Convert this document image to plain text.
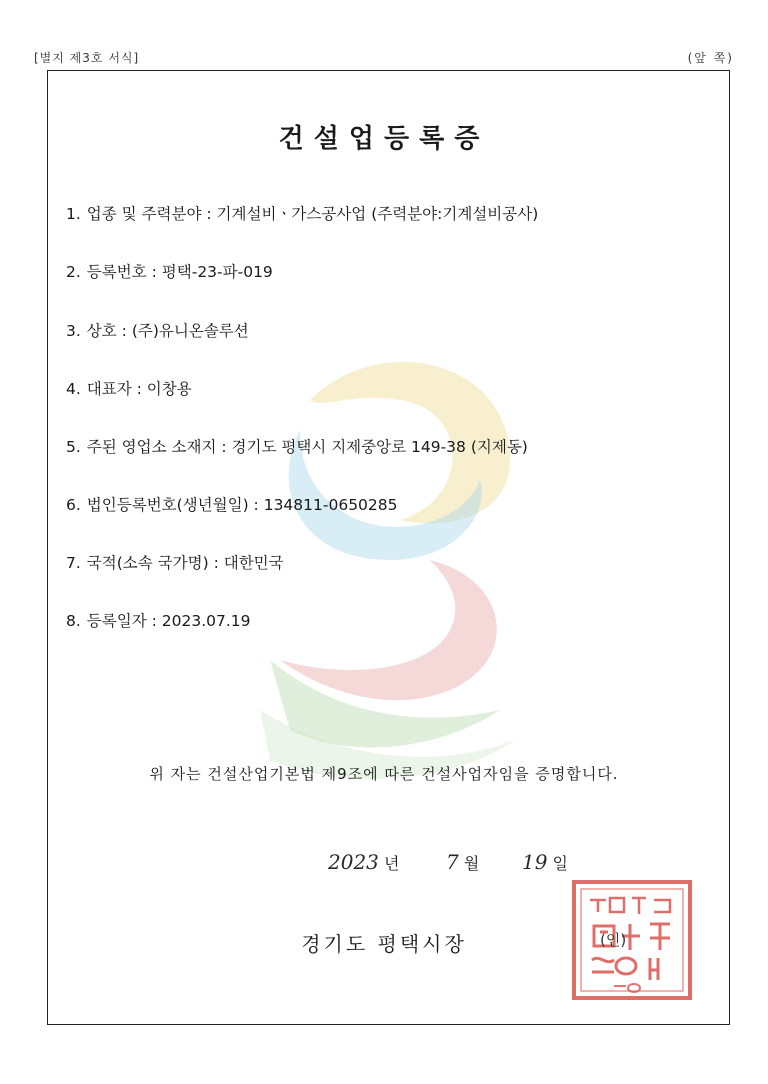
[별지 제3호 서식]	(앞 쪽)
건설업등록증
1. 업종 및 주력분야 : 기계설비ㆍ가스공사업 (주력분야:기계설비공사)
2. 등록번호 : 평택-23-파-019
3. 상호 : (주)유니온솔루션
4. 대표자 : 이창용
5. 주된 영업소 소재지 : 경기도 평택시 지제중앙로 149-38 (지제동)
6. 법인등록번호(생년월일) : 134811-0650285
7. 국적(소속 국가명) : 대한민국
8. 등록일자 : 2023.07.19
위 자는 건설산업기본법 제9조에 따른 건설사업자임을 증명합니다.
2023 년 7 월 19 일
경기도 평택시장	(인)
